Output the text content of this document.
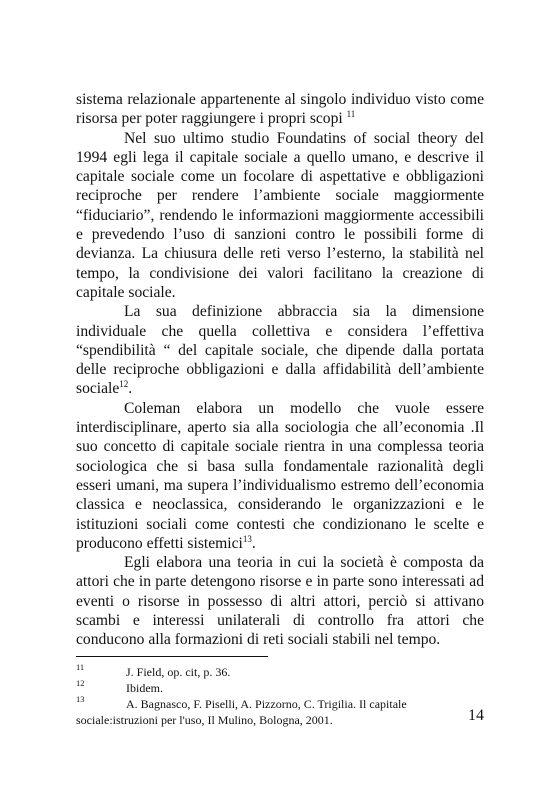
sistema relazionale appartenente al singolo individuo visto come risorsa per poter raggiungere i propri scopi $^{11}$

Nel suo ultimo studio Foundatins of social theory del 1994 egli lega il capitale sociale a quello umano, e descrive il capitale sociale come un focolare di aspettative e obbligazioni reciproche per rendere l’ambiente sociale maggiormente “fiduciario”, rendendo le informazioni maggiormente accessibili e prevedendo l’uso di sanzioni contro le possibili forme di devianza. La chiusura delle reti verso l’esterno, la stabilità nel tempo, la condivisione dei valori facilitano la creazione di capitale sociale.

La sua definizione abbraccia sia la dimensione individuale che quella collettiva e considera l’effettiva “spendibilità “ del capitale sociale, che dipende dalla portata delle reciproche obbligazioni e dalla affidabilità dell’ambiente sociale$^{12}$.

Coleman elabora un modello che vuole essere interdisciplinare, aperto sia alla sociologia che all’economia .Il suo concetto di capitale sociale rientra in una complessa teoria sociologica che si basa sulla fondamentale razionalità degli esseri umani, ma supera l’individualismo estremo dell’economia classica e neoclassica, considerando le organizzazioni e le istituzioni sociali come contesti che condizionano le scelte e producono effetti sistemici$^{13}$.

Egli elabora una teoria in cui la società è composta da attori che in parte detengono risorse e in parte sono interessati ad eventi o risorse in possesso di altri attori, perciò si attivano scambi e interessi unilaterali di controllo fra attori che conducono alla formazioni di reti sociali stabili nel tempo.

11	J. Field, op. cit, p. 36.
12	Ibidem.
13	A. Bagnasco, F. Piselli, A. Pizzorno, C. Trigilia. Il capitale
sociale:istruzioni per l'uso, Il Mulino, Bologna, 2001.	14
